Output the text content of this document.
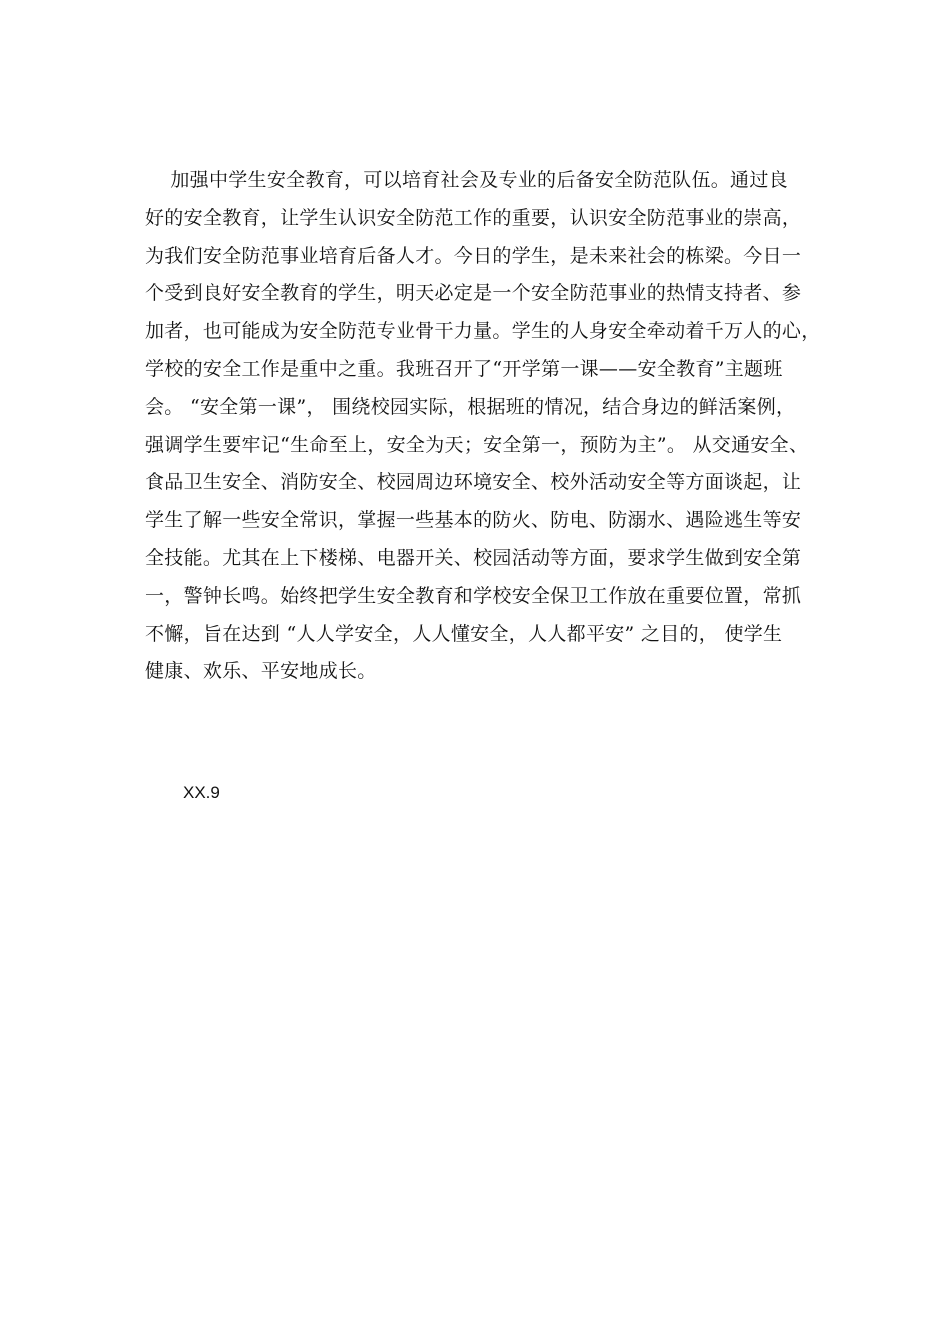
加强中学生安全教育，可以培育社会及专业的后备安全防范队伍。通过良
好的安全教育，让学生认识安全防范工作的重要，认识安全防范事业的崇高，
为我们安全防范事业培育后备人才。今日的学生，是未来社会的栋梁。今日一
个受到良好安全教育的学生，明天必定是一个安全防范事业的热情支持者、参
加者，也可能成为安全防范专业骨干力量。学生的人身安全牵动着千万人的心，
学校的安全工作是重中之重。我班召开了“开学第一课——安全教育”主题班
会。 “安全第一课”， 围绕校园实际，根据班的情况，结合身边的鲜活案例，
强调学生要牢记“生命至上，安全为天；安全第一，预防为主”。 从交通安全、
食品卫生安全、消防安全、校园周边环境安全、校外活动安全等方面谈起，让
学生了解一些安全常识，掌握一些基本的防火、防电、防溺水、遇险逃生等安
全技能。尤其在上下楼梯、电器开关、校园活动等方面，要求学生做到安全第
一，警钟长鸣。始终把学生安全教育和学校安全保卫工作放在重要位置，常抓
不懈，旨在达到 “人人学安全，人人懂安全，人人都平安” 之目的， 使学生
健康、欢乐、平安地成长。
XX.9
